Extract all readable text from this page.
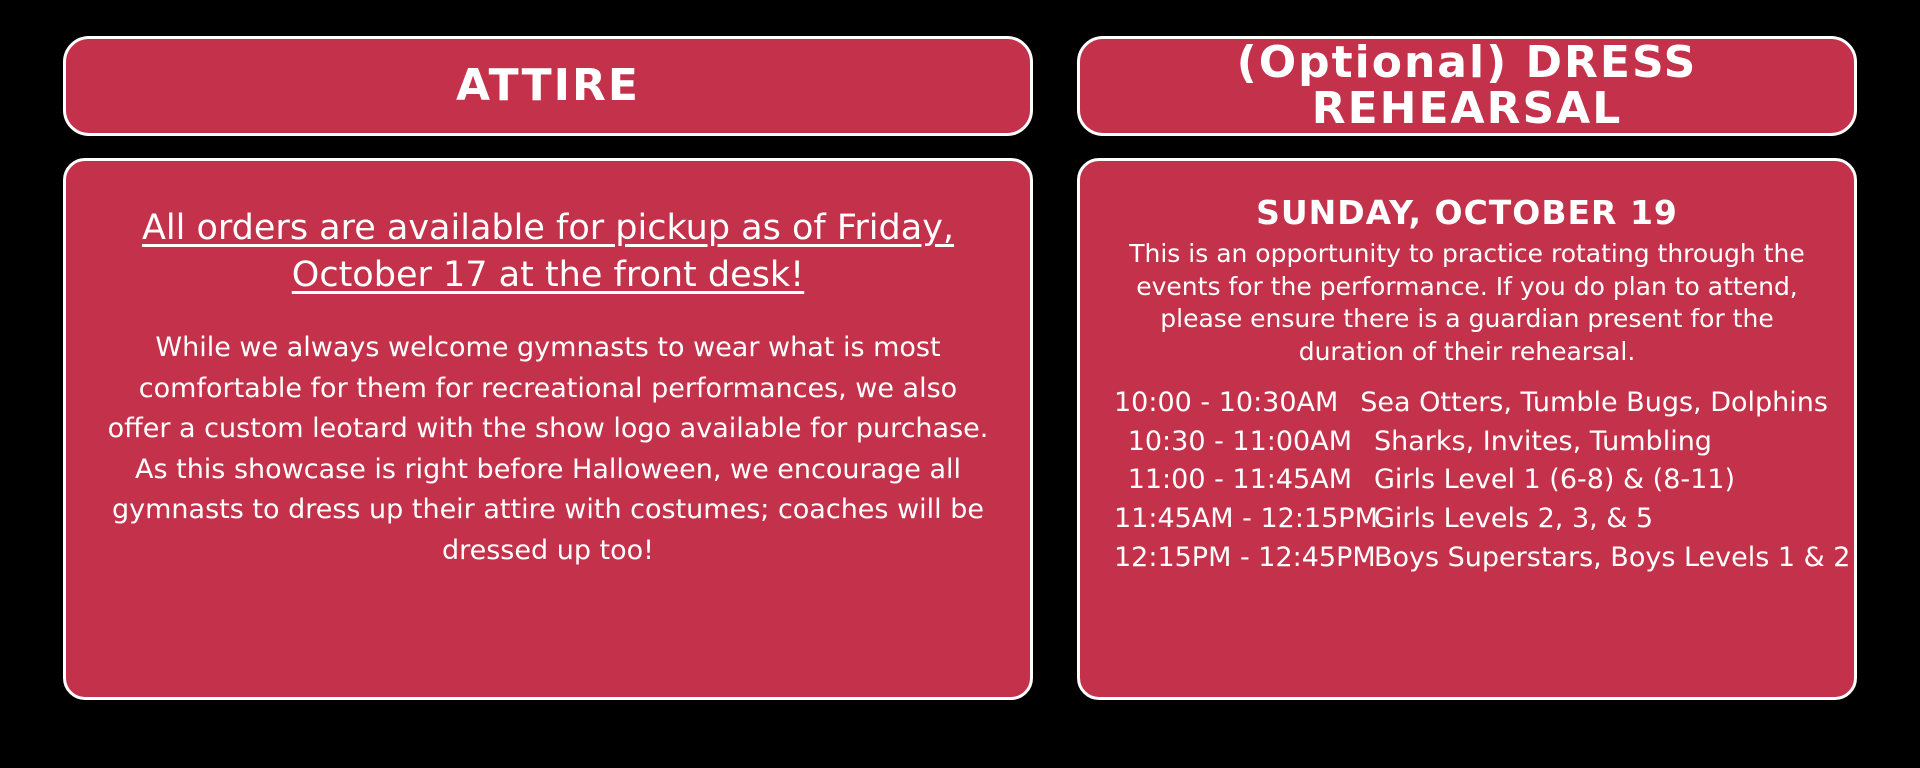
ATTIRE
All orders are available for pickup as of Friday, October 17 at the front desk!
While we always welcome gymnasts to wear what is most comfortable for them for recreational performances, we also offer a custom leotard with the show logo available for purchase. As this showcase is right before Halloween, we encourage all gymnasts to dress up their attire with costumes; coaches will be dressed up too!
(Optional) DRESS REHEARSAL
SUNDAY, OCTOBER 19
This is an opportunity to practice rotating through the events for the performance. If you do plan to attend, please ensure there is a guardian present for the duration of their rehearsal.
10:00 - 10:30AM Sea Otters, Tumble Bugs, Dolphins
10:30 - 11:00AM Sharks, Invites, Tumbling
11:00 - 11:45AM Girls Level 1 (6-8) & (8-11)
11:45AM - 12:15PM
Girls Levels 2, 3, & 5
12:15PM - 12:45PM
Boys Superstars, Boys Levels 1 & 2
